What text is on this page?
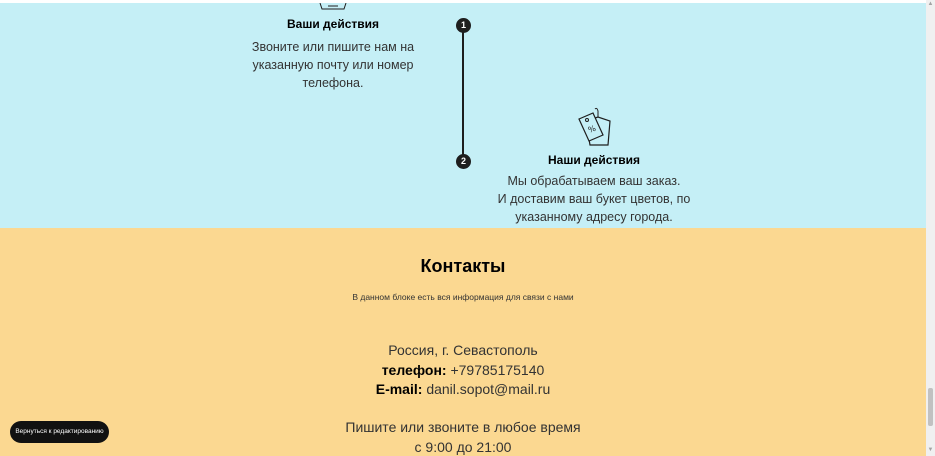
Ваши действия
Звоните или пишите нам на
указанную почту или номер
телефона.
1
2
%
Наши действия
Мы обрабатываем ваш заказ.
И доставим ваш букет цветов, по
указанному адресу города.
Контакты
В данном блоке есть вся информация для связи с нами
Россия, г. Севастополь
телефон: +79785175140
E-mail: danil.sopot@mail.ru
Пишите или звоните в любое время
с 9:00 до 21:00
Вернуться к редактированию
▲
▼
